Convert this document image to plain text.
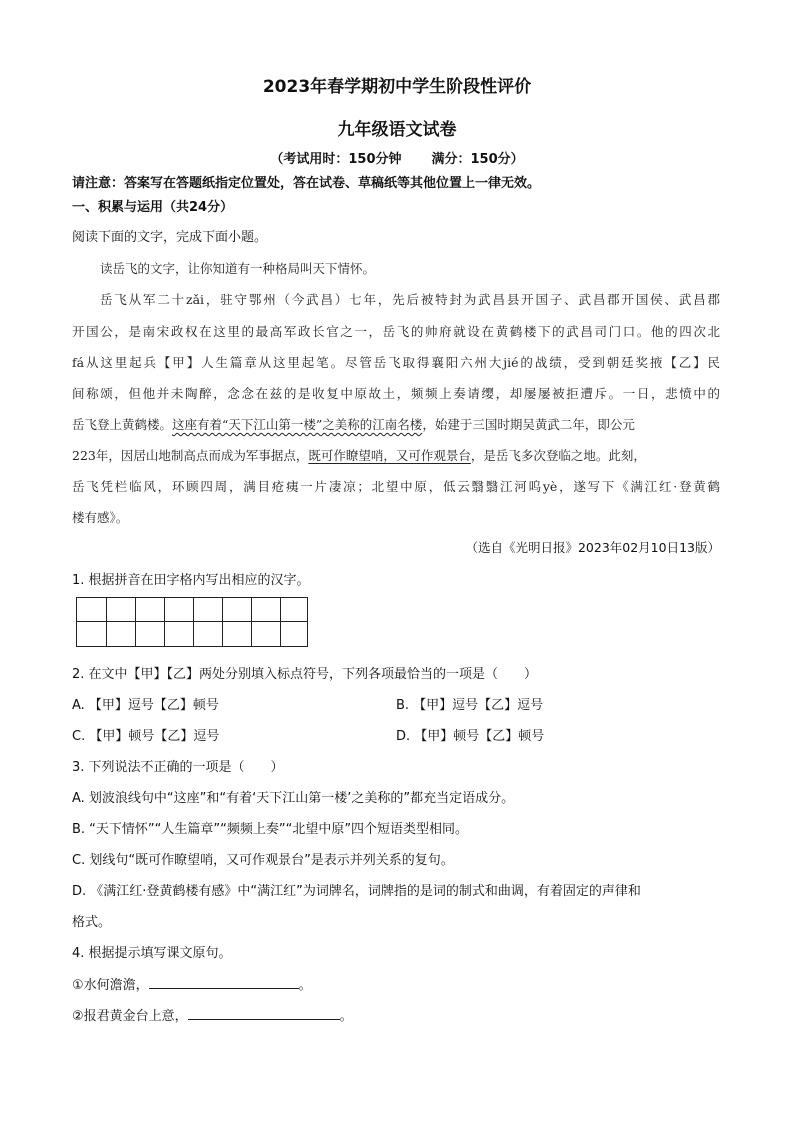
2023年春学期初中学生阶段性评价
九年级语文试卷
（考试用时：150分钟 满分：150分）
请注意：答案写在答题纸指定位置处，答在试卷、草稿纸等其他位置上一律无效。
一、积累与运用（共24分）
阅读下面的文字，完成下面小题。
读岳飞的文字，让你知道有一种格局叫天下情怀。
岳飞从军二十zǎi，驻守鄂州（今武昌）七年，先后被特封为武昌县开国子、武昌郡开国侯、武昌郡
开国公，是南宋政权在这里的最高军政长官之一，岳飞的帅府就设在黄鹤楼下的武昌司门口。他的四次北
fá从这里起兵【甲】人生篇章从这里起笔。尽管岳飞取得襄阳六州大jié的战绩，受到朝廷奖掖【乙】民
间称颂，但他并未陶醉，念念在兹的是收复中原故土，频频上奏请缨，却屡屡被拒遭斥。一日，悲愤中的
岳飞登上黄鹤楼。这座有着“天下江山第一楼”之美称的江南名楼，始建于三国时期吴黄武二年，即公元
223年，因居山地制高点而成为军事据点，既可作瞭望哨，又可作观景台，是岳飞多次登临之地。此刻，
岳飞凭栏临风，环顾四周，满目疮痍一片凄凉；北望中原，低云翳翳江河呜yè，遂写下《满江红·登黄鹤
楼有感》。
（选自《光明日报》2023年02月10日13版）
1. 根据拼音在田字格内写出相应的汉字。
2. 在文中【甲】【乙】两处分别填入标点符号，下列各项最恰当的一项是（　　）
A. 【甲】逗号【乙】顿号	B. 【甲】逗号【乙】逗号
C. 【甲】顿号【乙】逗号	D. 【甲】顿号【乙】顿号
3. 下列说法不正确的一项是（　　）
A. 划波浪线句中“这座”和“有着‘天下江山第一楼’之美称的”都充当定语成分。
B. “天下情怀”“人生篇章”“频频上奏”“北望中原”四个短语类型相同。
C. 划线句“既可作瞭望哨，又可作观景台”是表示并列关系的复句。
D. 《满江红·登黄鹤楼有感》中“满江红”为词牌名，词牌指的是词的制式和曲调，有着固定的声律和
格式。
4. 根据提示填写课文原句。
①水何澹澹，	。
②报君黄金台上意，	。
